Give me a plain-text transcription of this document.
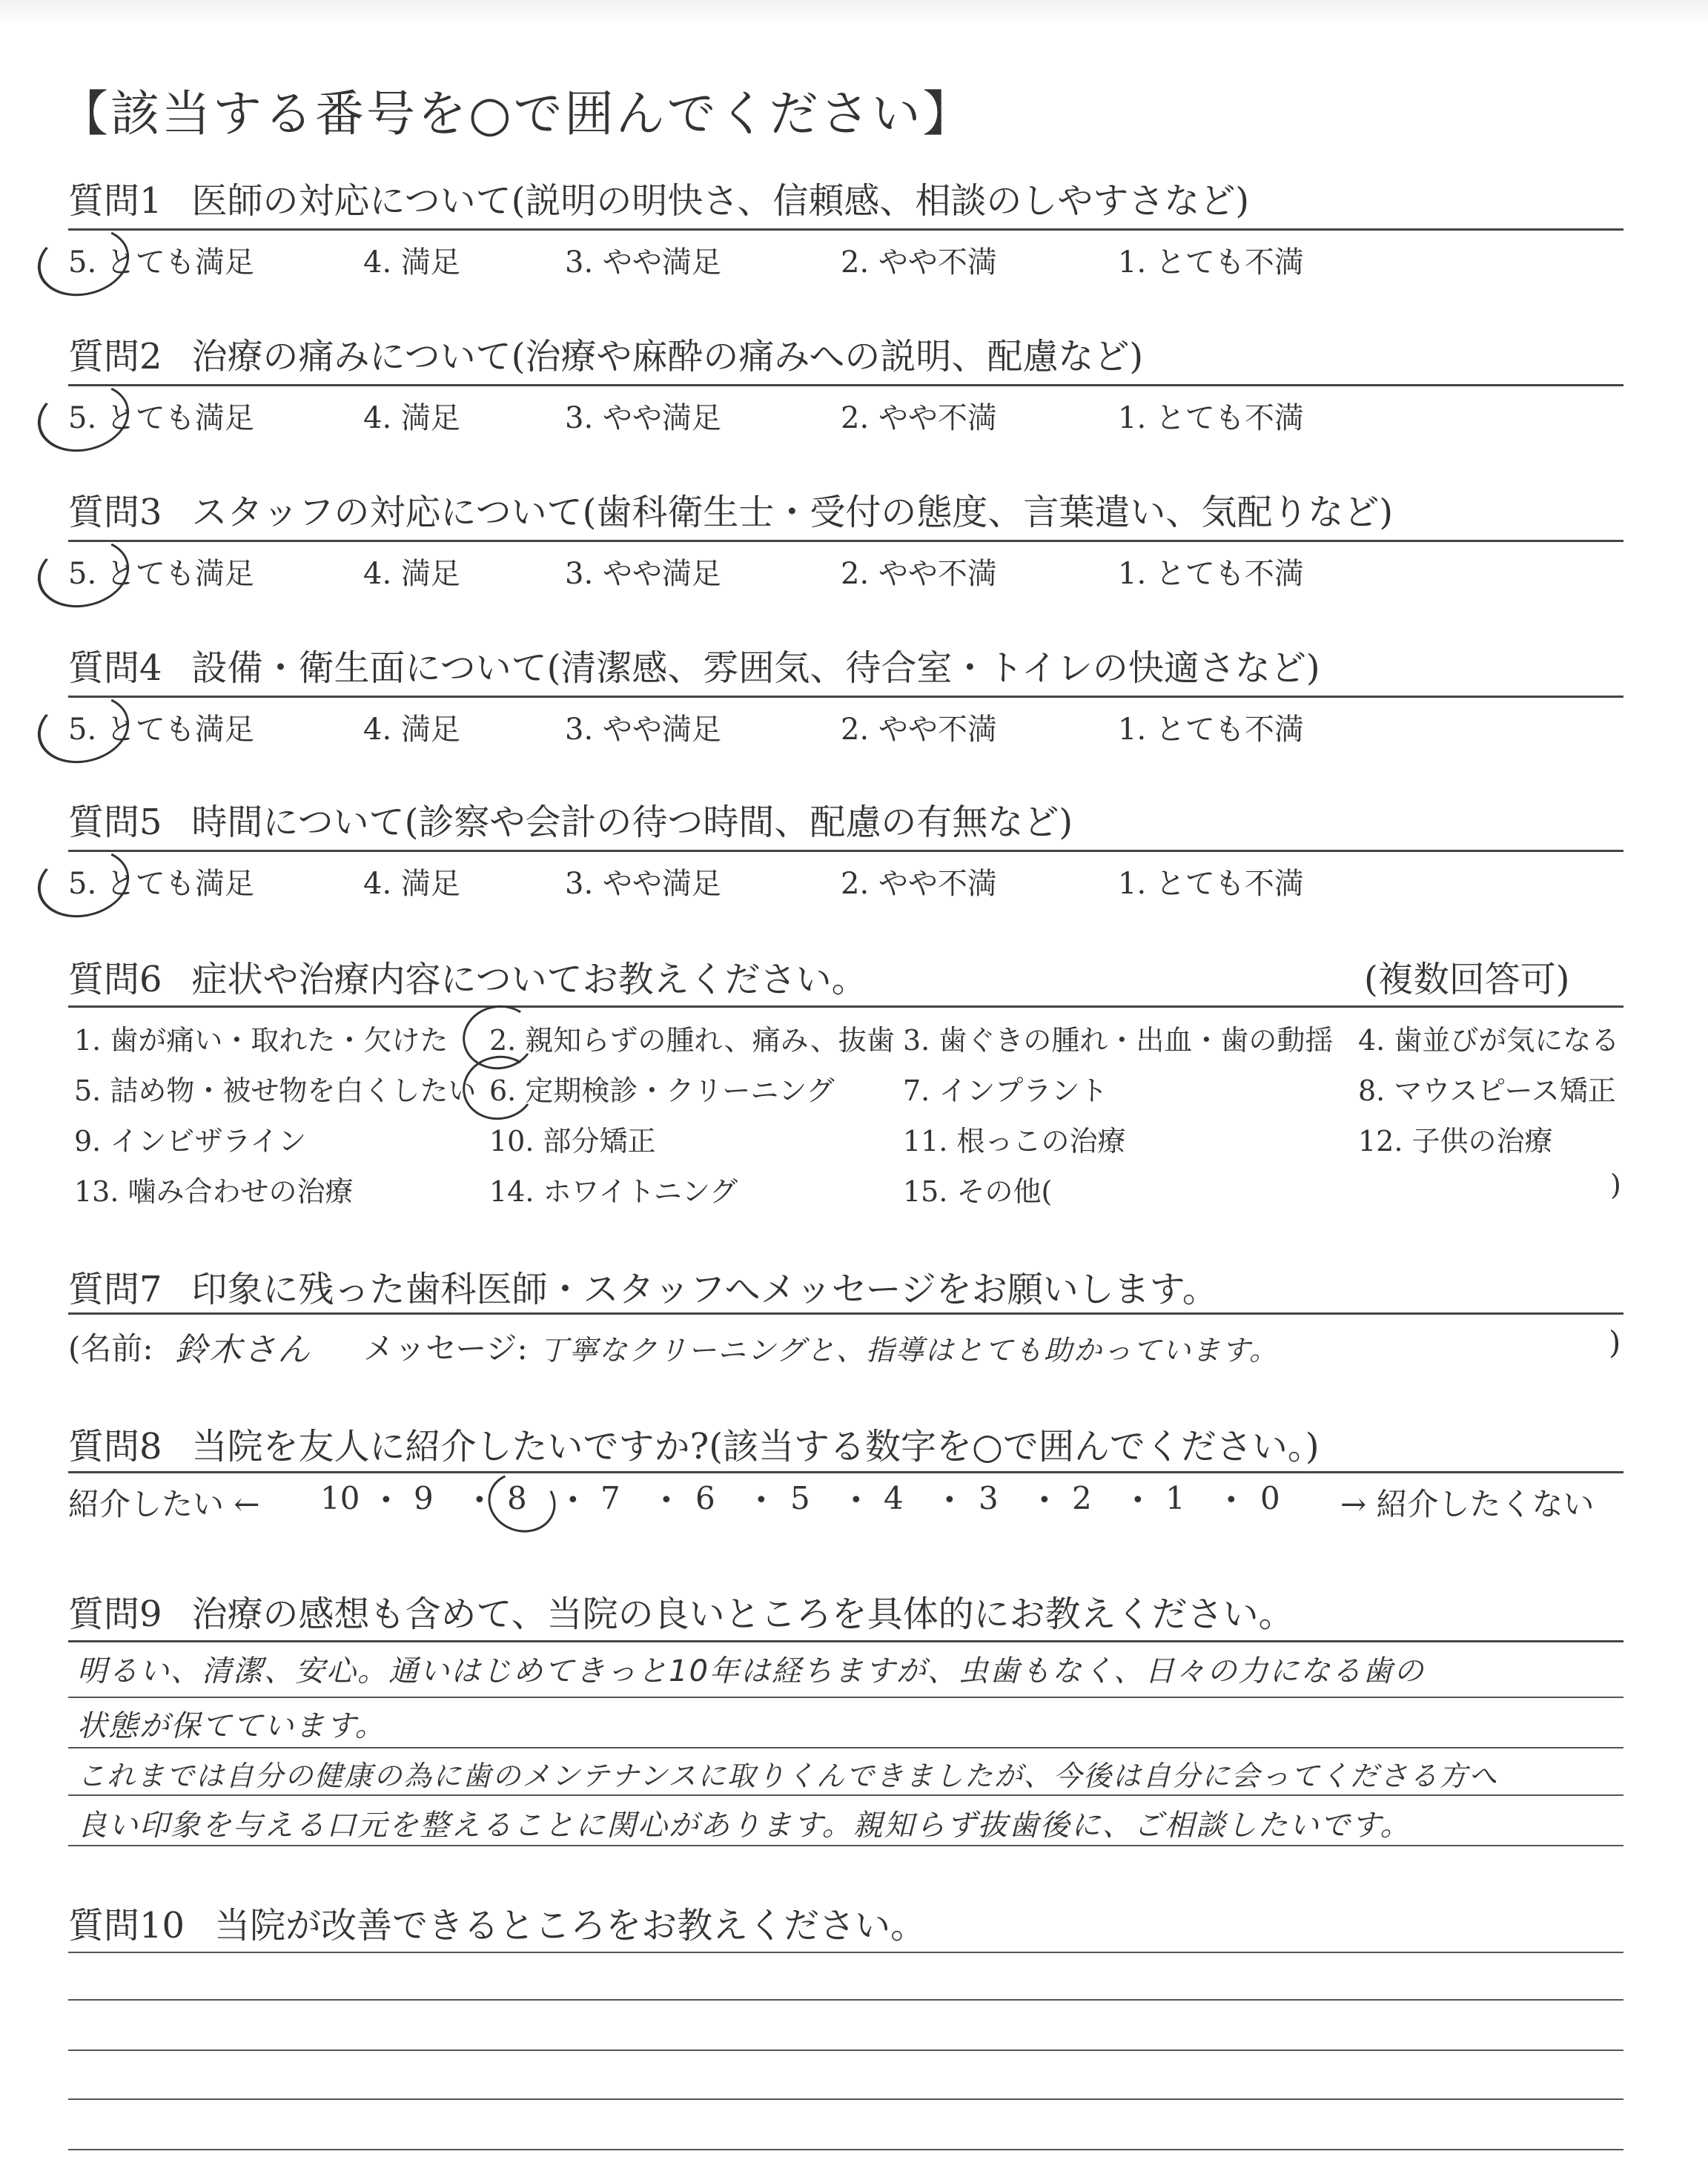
【該当する番号を○で囲んでください】
質問6 症状や治療内容についてお教えください。	(複数回答可)
質問7 印象に残った歯科医師・スタッフへメッセージをお願いします。
(名前: 鈴木さん メッセージ: 丁寧なクリーニングと、指導はとても助かっています。	)
質問8 当院を友人に紹介したいですか?(該当する数字を○で囲んでください。)
紹介したい ←	→ 紹介したくない
質問9 治療の感想も含めて、当院の良いところを具体的にお教えください。
質問10 当院が改善できるところをお教えください。
質問1 医師の対応について(説明の明快さ、信頼感、相談のしやすさなど)
5. とても満足	4. 満足	3. やや満足	2. やや不満	1. とても不満
質問2 治療の痛みについて(治療や麻酔の痛みへの説明、配慮など)
5. とても満足	4. 満足	3. やや満足	2. やや不満	1. とても不満
質問3 スタッフの対応について(歯科衛生士・受付の態度、言葉遣い、気配りなど)
5. とても満足	4. 満足	3. やや満足	2. やや不満	1. とても不満
質問4 設備・衛生面について(清潔感、雰囲気、待合室・トイレの快適さなど)
5. とても満足	4. 満足	3. やや満足	2. やや不満	1. とても不満
質問5 時間について(診察や会計の待つ時間、配慮の有無など)
5. とても満足	4. 満足	3. やや満足	2. やや不満	1. とても不満
1. 歯が痛い・取れた・欠けた 2. 親知らずの腫れ、痛み、抜歯 3. 歯ぐきの腫れ・出血・歯の動揺 4. 歯並びが気になる
5. 詰め物・被せ物を白くしたい 6. 定期検診・クリーニング 7. インプラント	8. マウスピース矯正
9. インビザライン	10. 部分矯正	11. 根っこの治療	12. 子供の治療
13. 噛み合わせの治療	14. ホワイトニング	15. その他(	)
10 • 9 • 8 • 7 • 6 • 5 • 4 • 3 • 2 • 1 • 0
明るい、清潔、安心。通いはじめてきっと10年は経ちますが、虫歯もなく、日々の力になる歯の
状態が保てています。
これまでは自分の健康の為に歯のメンテナンスに取りくんできましたが、今後は自分に会ってくださる方へ
良い印象を与える口元を整えることに関心があります。親知らず抜歯後に、ご相談したいです。
